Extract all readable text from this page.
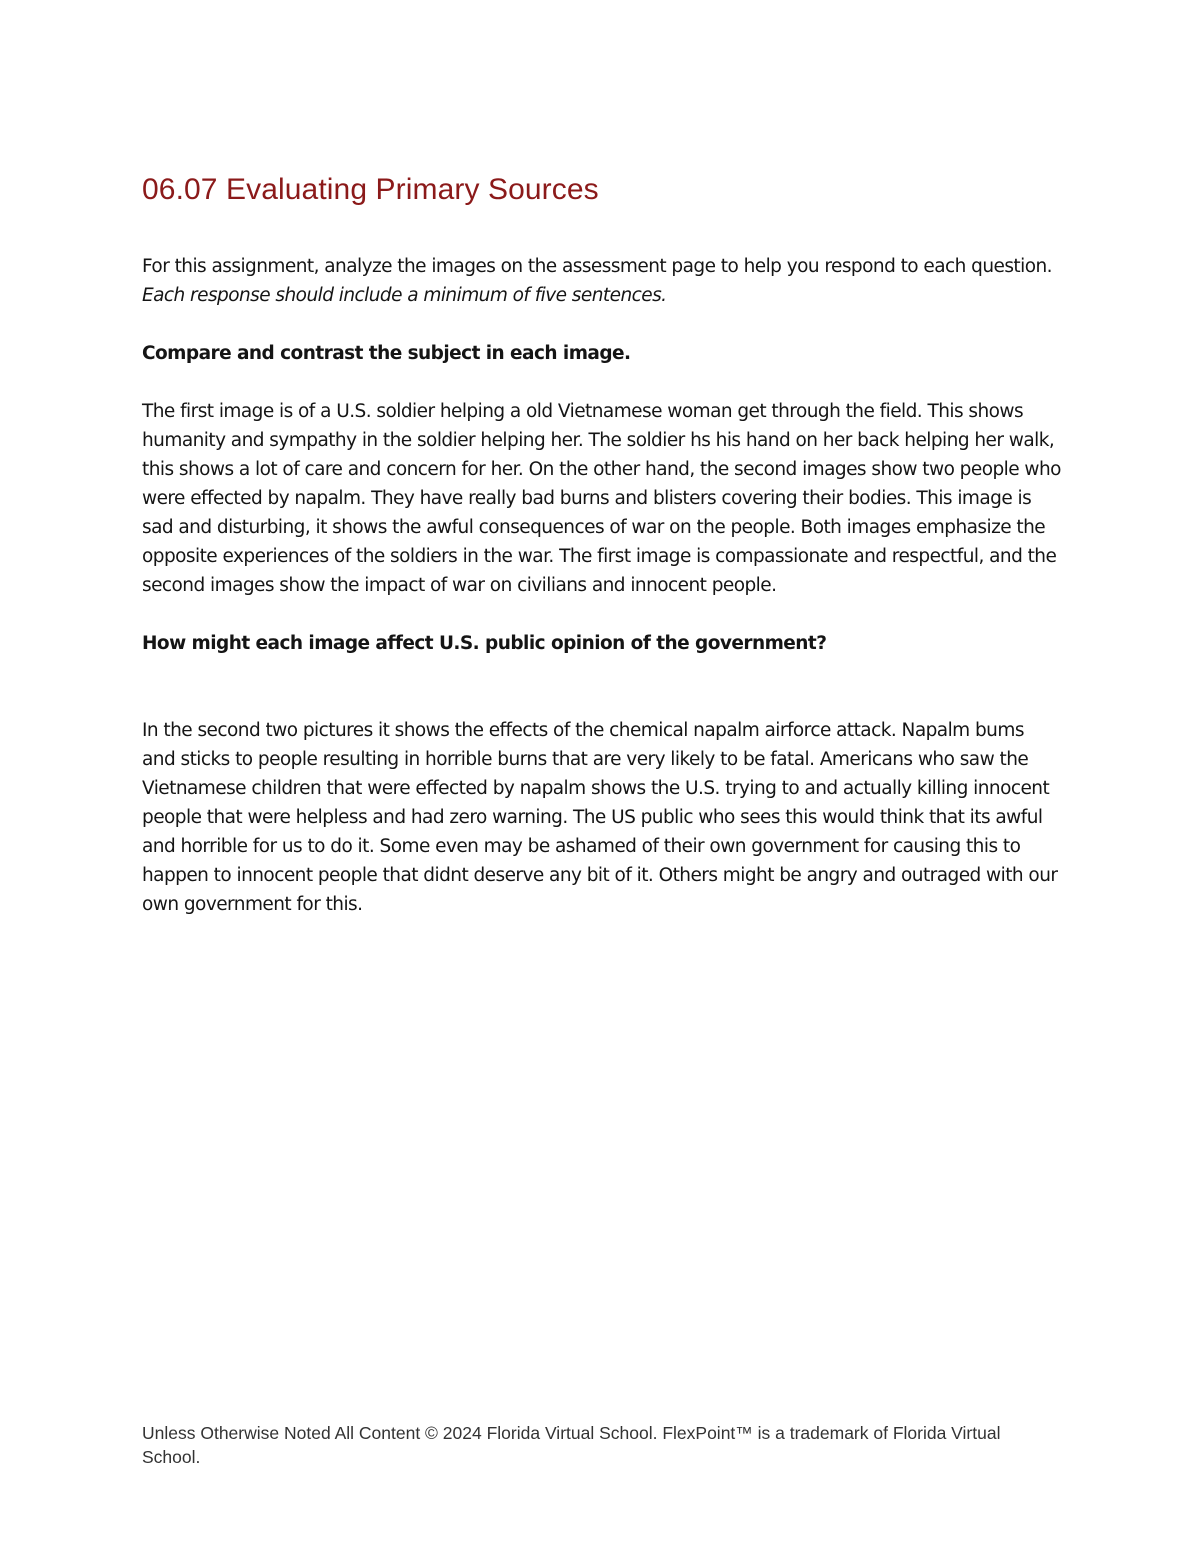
06.07 Evaluating Primary Sources

For this assignment, analyze the images on the assessment page to help you respond to each question. Each response should include a minimum of five sentences.

Compare and contrast the subject in each image.

The first image is of a U.S. soldier helping a old Vietnamese woman get through the field. This shows humanity and sympathy in the soldier helping her. The soldier hs his hand on her back helping her walk, this shows a lot of care and concern for her. On the other hand, the second images show two people who were effected by napalm. They have really bad burns and blisters covering their bodies. This image is sad and disturbing, it shows the awful consequences of war on the people. Both images emphasize the opposite experiences of the soldiers in the war. The first image is compassionate and respectful, and the second images show the impact of war on civilians and innocent people.

How might each image affect U.S. public opinion of the government?

In the second two pictures it shows the effects of the chemical napalm airforce attack. Napalm bums and sticks to people resulting in horrible burns that are very likely to be fatal. Americans who saw the Vietnamese children that were effected by napalm shows the U.S. trying to and actually killing innocent people that were helpless and had zero warning. The US public who sees this would think that its awful and horrible for us to do it. Some even may be ashamed of their own government for causing this to happen to innocent people that didnt deserve any bit of it. Others might be angry and outraged with our own government for this.

Unless Otherwise Noted All Content © 2024 Florida Virtual School. FlexPoint™ is a trademark of Florida Virtual School.
